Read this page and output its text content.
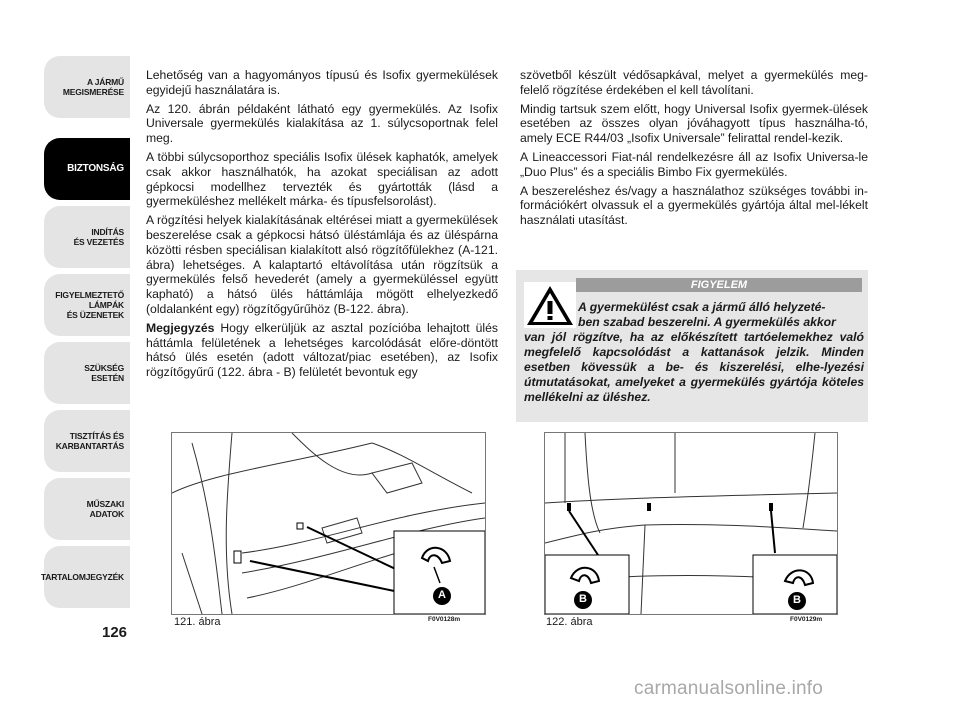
A JÁRMŰ
MEGISMERÉSE
BIZTONSÁG
INDÍTÁS
ÉS VEZETÉS
FIGYELMEZTETŐ
LÁMPÁK
ÉS ÜZENETEK
SZÜKSÉG
ESETÉN
TISZTÍTÁS ÉS
KARBANTARTÁS
MŰSZAKI
ADATOK
TARTALOMJEGYZÉK
126

Lehetőség van a hagyományos típusú és Isofix gyermekülések egyidejű használatára is.

Az 120. ábrán példaként látható egy gyermekülés. Az Isofix Universale gyermekülés kialakítása az 1. súlycsoportnak felel meg.

A többi súlycsoporthoz speciális Isofix ülések kaphatók, amelyek csak akkor használhatók, ha azokat speciálisan az adott gépkocsi modellhez tervezték és gyártották (lásd a gyermeküléshez mellékelt márka- és típusfelsorolást).

A rögzítési helyek kialakításának eltérései miatt a gyermekülések beszerelése csak a gépkocsi hátsó üléstámlája és az üléspárna közötti résben speciálisan kialakított alsó rögzítőfülekhez (A-121. ábra) lehetséges. A kalaptartó eltávolítása után rögzítsük a gyermekülés felső hevederét (amely a gyermeküléssel együtt kapható) a hátsó ülés háttámlája mögött elhelyezkedő (oldalanként egy) rögzítőgyűrűhöz (B-122. ábra).

Megjegyzés Hogy elkerüljük az asztal pozícióba lehajtott ülés háttámla felületének a lehetséges karcolódását előre-döntött hátsó ülés esetén (adott változat/piac esetében), az Isofix rögzítőgyűrű (122. ábra - B) felületét bevontuk egy

szövetből készült védősapkával, melyet a gyermekülés meg-felelő rögzítése érdekében el kell távolítani.

Mindig tartsuk szem előtt, hogy Universal Isofix gyermek-ülések esetében az összes olyan jóváhagyott típus használha-tó, amely ECE R44/03 „Isofix Universale” felirattal rendel-kezik.

A Lineaccessori Fiat-nál rendelkezésre áll az Isofix Universa-le „Duo Plus” és a speciális Bimbo Fix gyermekülés.

A beszereléshez és/vagy a használathoz szükséges további in-formációkért olvassuk el a gyermekülés gyártója által mel-lékelt használati utasítást.

FIGYELEM
A gyermekülést csak a jármű álló helyzeté-
ben szabad beszerelni. A gyermekülés akkor
van jól rögzítve, ha az előkészített tartóelemekhez való megfelelő kapcsolódást a kattanások jelzik. Minden esetben kövessük a be- és kiszerelési, elhe-lyezési útmutatásokat, amelyeket a gyermekülés gyártója köteles mellékelni az üléshez.
A
121. ábra	F0V0128m
B	B
122. ábra	F0V0129m
carmanualsonline.info
